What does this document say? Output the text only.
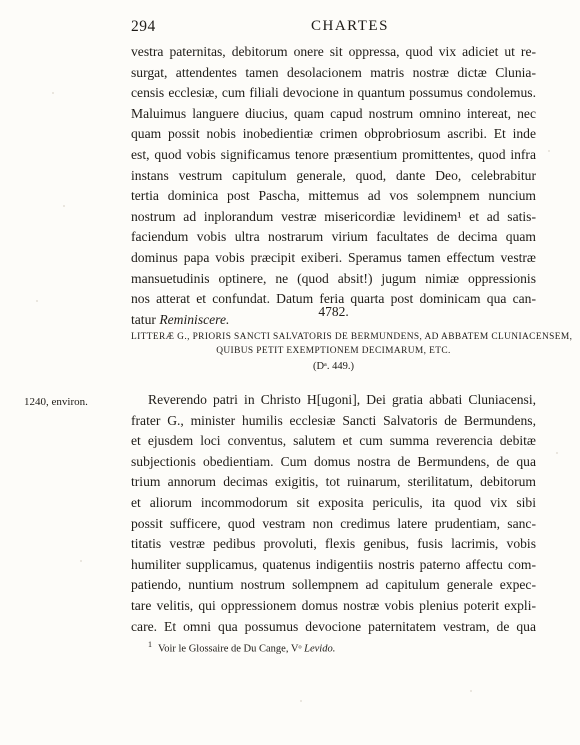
294	CHARTES
vestra paternitas, debitorum onere sit oppressa, quod vix adiciet ut re-
surgat, attendentes tamen desolacionem matris nostræ dictæ Clunia-
censis ecclesiæ, cum filiali devocione in quantum possumus condolemus.
Maluimus languere diucius, quam capud nostrum omnino intereat, nec
quam possit nobis inobedientiæ crimen obprobriosum ascribi. Et inde
est, quod vobis significamus tenore præsentium promittentes, quod infra
instans vestrum capitulum generale, quod, dante Deo, celebrabitur
tertia dominica post Pascha, mittemus ad vos solempnem nuncium
nostrum ad inplorandum vestræ misericordiæ levidinem¹ et ad satis-
faciendum vobis ultra nostrarum virium facultates de decima quam
dominus papa vobis præcipit exiberi. Speramus tamen effectum vestræ
mansuetudinis optinere, ne (quod absit!) jugum nimiæ oppressionis
nos atterat et confundat. Datum feria quarta post dominicam qua can-
tatur Reminiscere.
4782.
LITTERÆ G., PRIORIS SANCTI SALVATORIS DE BERMUNDENS, AD ABBATEM CLUNIACENSEM,
QUIBUS PETIT EXEMPTIONEM DECIMARUM, ETC.
(Dᵃ. 449.)
1240, environ.	Reverendo patri in Christo H[ugoni], Dei gratia abbati Cluniacensi,
frater G., minister humilis ecclesiæ Sancti Salvatoris de Bermundens,
et ejusdem loci conventus, salutem et cum summa reverencia debitæ
subjectionis obedientiam. Cum domus nostra de Bermundens, de qua
trium annorum decimas exigitis, tot ruinarum, sterilitatum, debitorum
et aliorum incommodorum sit exposita periculis, ita quod vix sibi
possit sufficere, quod vestram non credimus latere prudentiam, sanc-
titatis vestræ pedibus provoluti, flexis genibus, fusis lacrimis, vobis
humiliter supplicamus, quatenus indigentiis nostris paterno affectu com-
patiendo, nuntium nostrum sollempnem ad capitulum generale expec-
tare velitis, qui oppressionem domus nostræ vobis plenius poterit expli-
care. Et omni qua possumus devocione paternitatem vestram, de qua
$^1$ Voir le Glossaire de Du Cange, Vᵒ Levido.
